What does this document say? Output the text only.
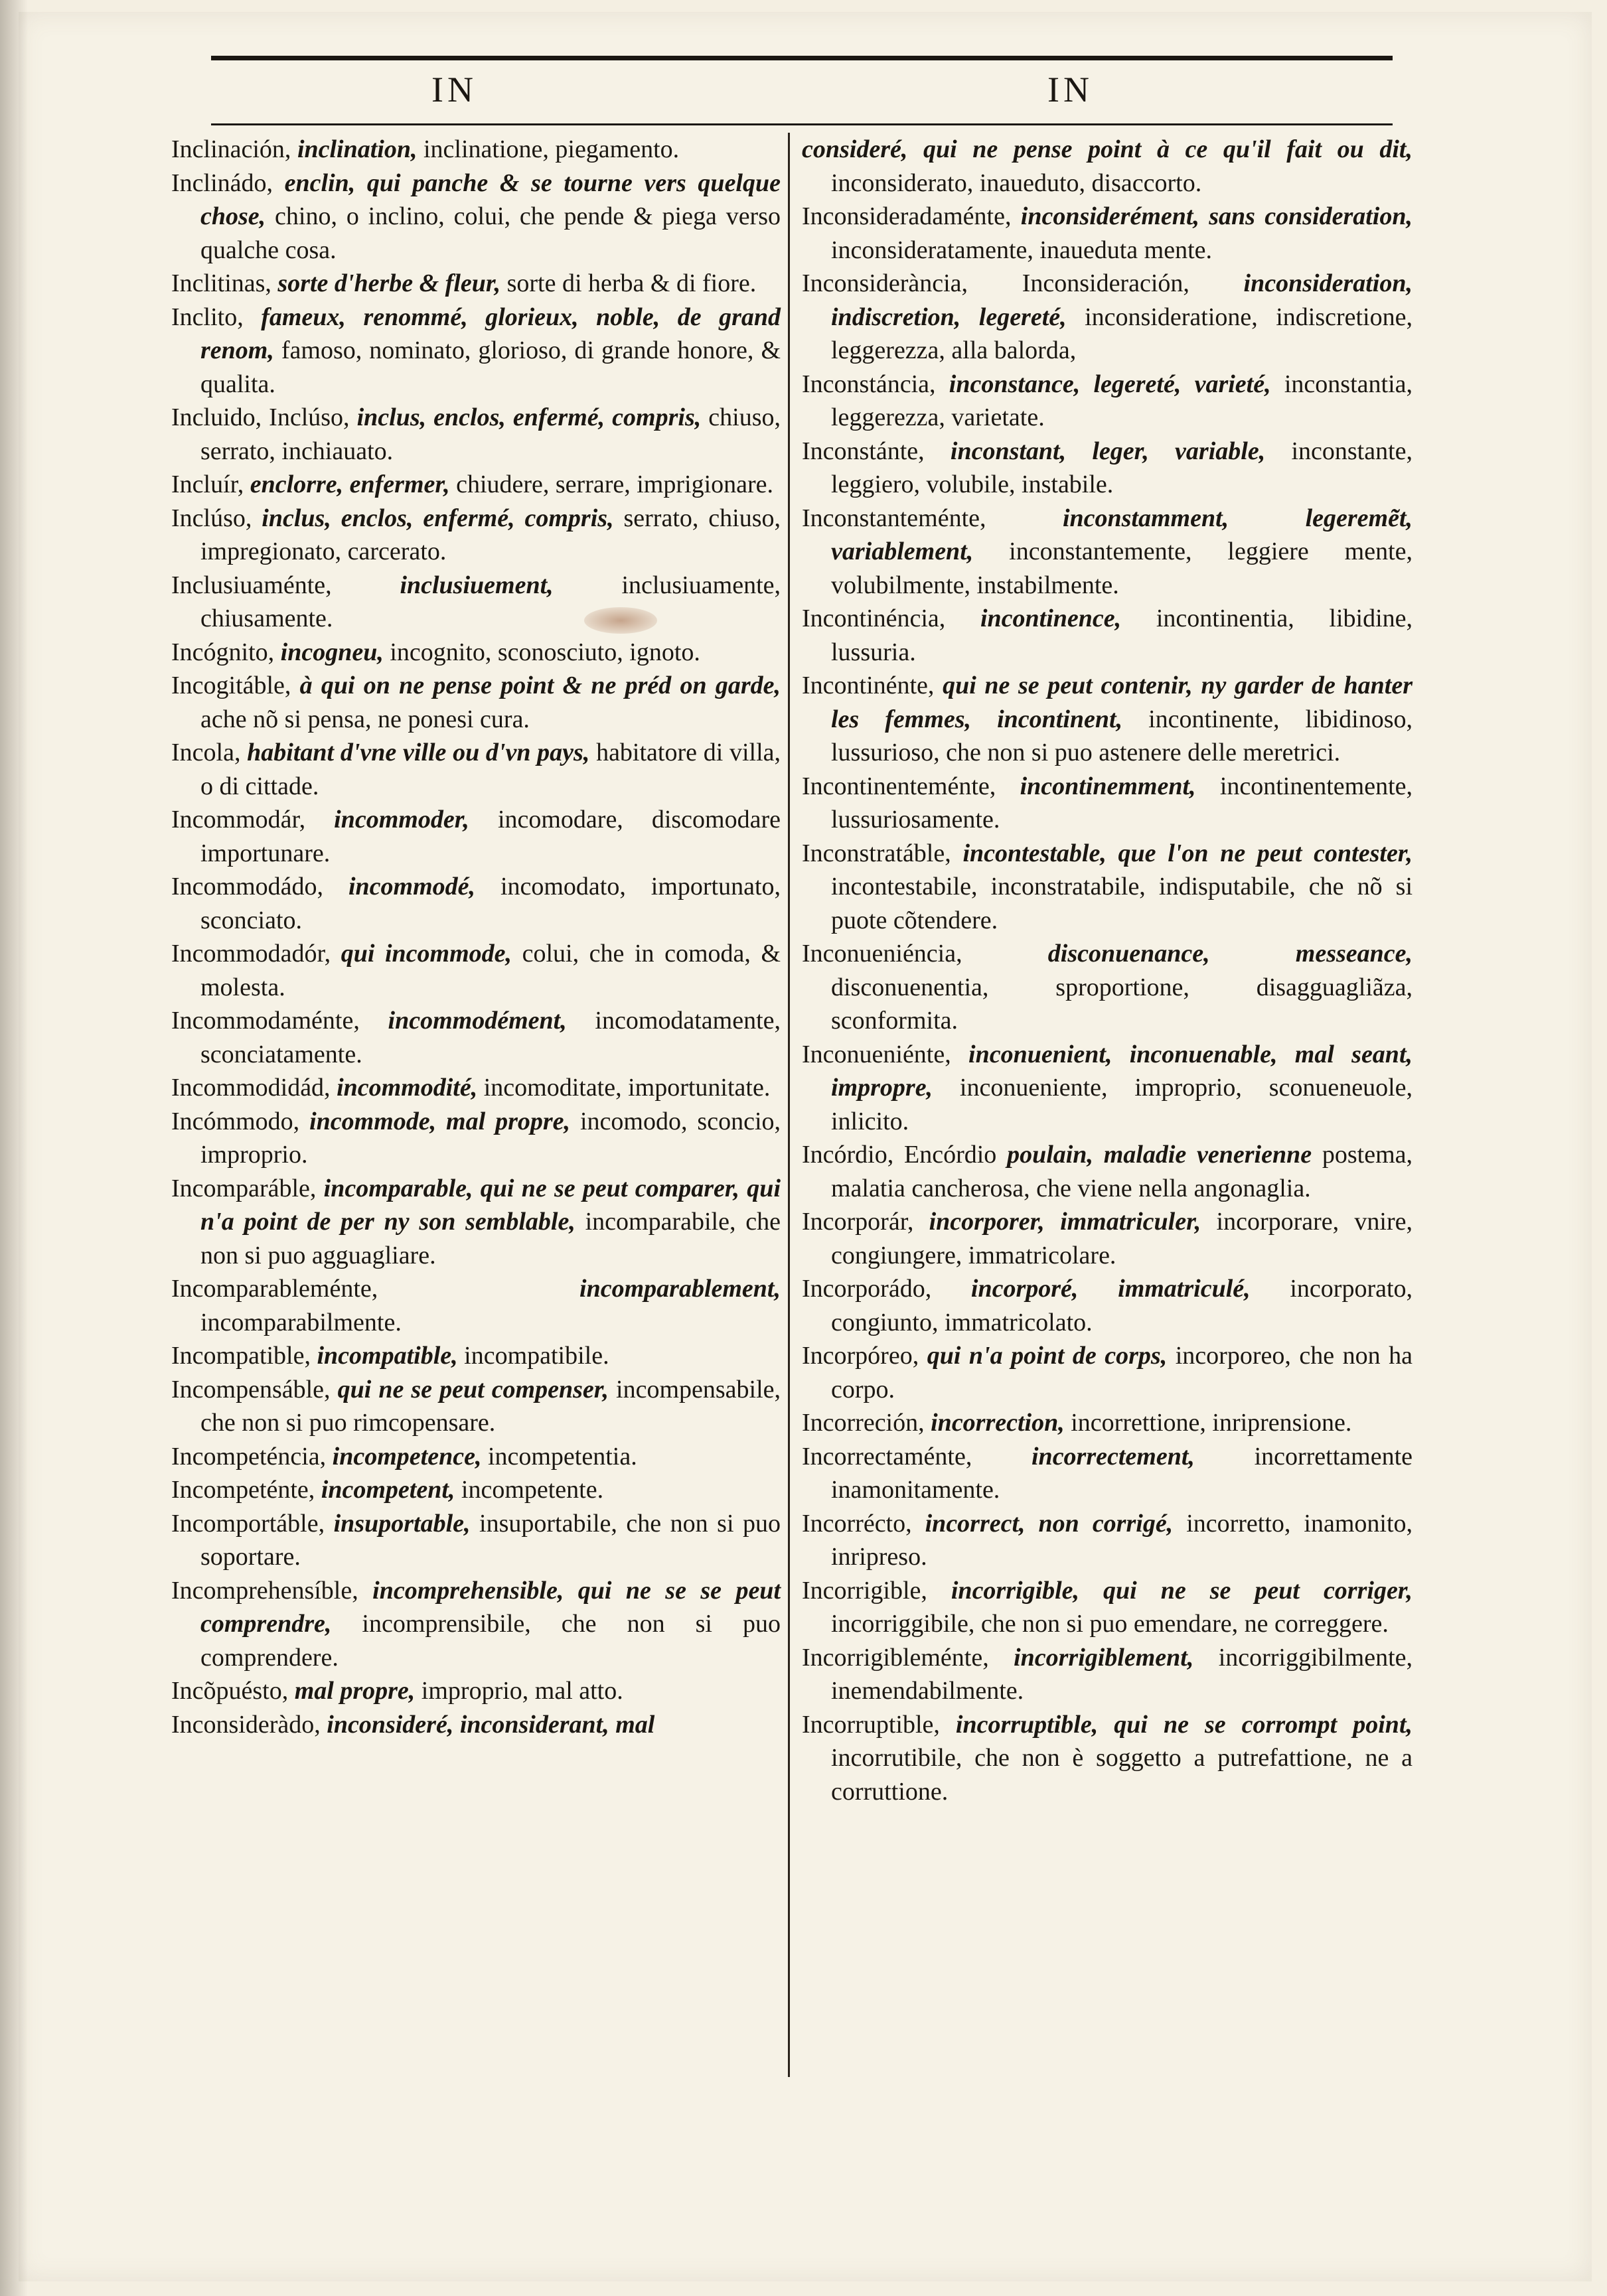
IN	IN

Inclinación, inclination, inclinatione, piegamento.

Inclinádo, enclin, qui panche & se tourne vers quelque chose, chino, o inclino, colui, che pende & piega verso qualche cosa.

Inclitinas, sorte d'herbe & fleur, sorte di herba & di fiore.

Inclito, fameux, renommé, glorieux, noble, de grand renom, famoso, nominato, glorioso, di grande honore, & qualita.

Incluido, Inclúso, inclus, enclos, enfermé, compris, chiuso, serrato, inchiauato.

Incluír, enclorre, enfermer, chiudere, serrare, imprigionare.

Inclúso, inclus, enclos, enfermé, compris, serrato, chiuso, impregionato, carcerato.

Inclusiuaménte,	inclusiuement,	inclusiuamente, chiusamente.

Incógnito, incogneu, incognito, sconosciuto, ignoto.

Incogitáble, à qui on ne pense point & ne préd on garde, ache nõ si pensa, ne ponesi cura.

Incola, habitant d'vne ville ou d'vn pays, habitatore di villa, o di cittade.

Incommodár, incommoder, incomodare, discomodare importunare.

Incommodádo, incommodé, incomodato, importunato, sconciato.

Incommodadór, qui incommode, colui, che in comoda, & molesta.

Incommodaménte, incommodément, incomodatamente, sconciatamente.

Incommodidád, incommodité, incomoditate, importunitate.

Incómmodo, incommode, mal propre, incomodo, sconcio, improprio.

Incomparáble, incomparable, qui ne se peut comparer, qui n'a point de per ny son semblable, incomparabile, che non si puo agguagliare.

Incomparableménte,	incomparablement, incomparabilmente.

Incompatible, incompatible, incompatibile.

Incompensáble, qui ne se peut compenser, incompensabile, che non si puo rimcopensare.

Incompeténcia, incompetence, incompetentia.

Incompeténte, incompetent, incompetente.

Incomportáble, insuportable, insuportabile, che non si puo soportare.

Incomprehensíble, incomprehensible, qui ne se se peut comprendre, incomprensibile, che non si puo comprendere.

Incõpuésto, mal propre, improprio, mal atto.

Inconsideràdo, inconsideré, inconsiderant, mal

consideré, qui ne pense point à ce qu'il fait ou dit, inconsiderato, inaueduto, disaccorto.

Inconsideradaménte, inconsiderément, sans consideration, inconsideratamente, inaueduta mente.

Inconsiderància, Inconsideración, inconsideration, indiscretion, legereté, inconsideratione, indiscretione, leggerezza, alla balorda,

Inconstáncia, inconstance, legereté, varieté, inconstantia, leggerezza, varietate.

Inconstánte, inconstant, leger, variable, inconstante, leggiero, volubile, instabile.

Inconstanteménte,	inconstamment, legeremẽt, variablement, inconstantemente, leggiere mente, volubilmente, instabilmente.

Incontinéncia, incontinence, incontinentia, libidine, lussuria.

Incontinénte, qui ne se peut contenir, ny garder de hanter les femmes, incontinent, incontinente, libidinoso, lussurioso, che non si puo astenere delle meretrici.

Incontinenteménte, incontinemment, incontinentemente, lussuriosamente.

Inconstratáble, incontestable, que l'on ne peut contester, incontestabile, inconstratabile, indisputabile, che nõ si puote cõtendere.

Inconueniéncia,	disconuenance, messeance, disconuenentia, sproportione, disagguagliãza, sconformita.

Inconueniénte, inconuenient, inconuenable, mal seant, impropre, inconueniente, improprio, sconueneuole, inlicito.

Incórdio, Encórdio poulain, maladie venerienne postema, malatia cancherosa, che viene nella angonaglia.

Incorporár, incorporer, immatriculer, incorporare, vnire, congiungere, immatricolare.

Incorporádo, incorporé, immatriculé, incorporato, congiunto, immatricolato.

Incorpóreo, qui n'a point de corps, incorporeo, che non ha corpo.

Incorreción, incorrection, incorrettione, inriprensione.

Incorrectaménte, incorrectement, incorrettamente inamonitamente.

Incorrécto, incorrect, non corrigé, incorretto, inamonito, inripreso.

Incorrigible, incorrigible, qui ne se peut corriger, incorriggibile, che non si puo emendare, ne correggere.

Incorrigibleménte, incorrigiblement, incorriggibilmente, inemendabilmente.

Incorruptible, incorruptible, qui ne se corrompt point, incorrutibile, che non è soggetto a putrefattione, ne a corruttione.
